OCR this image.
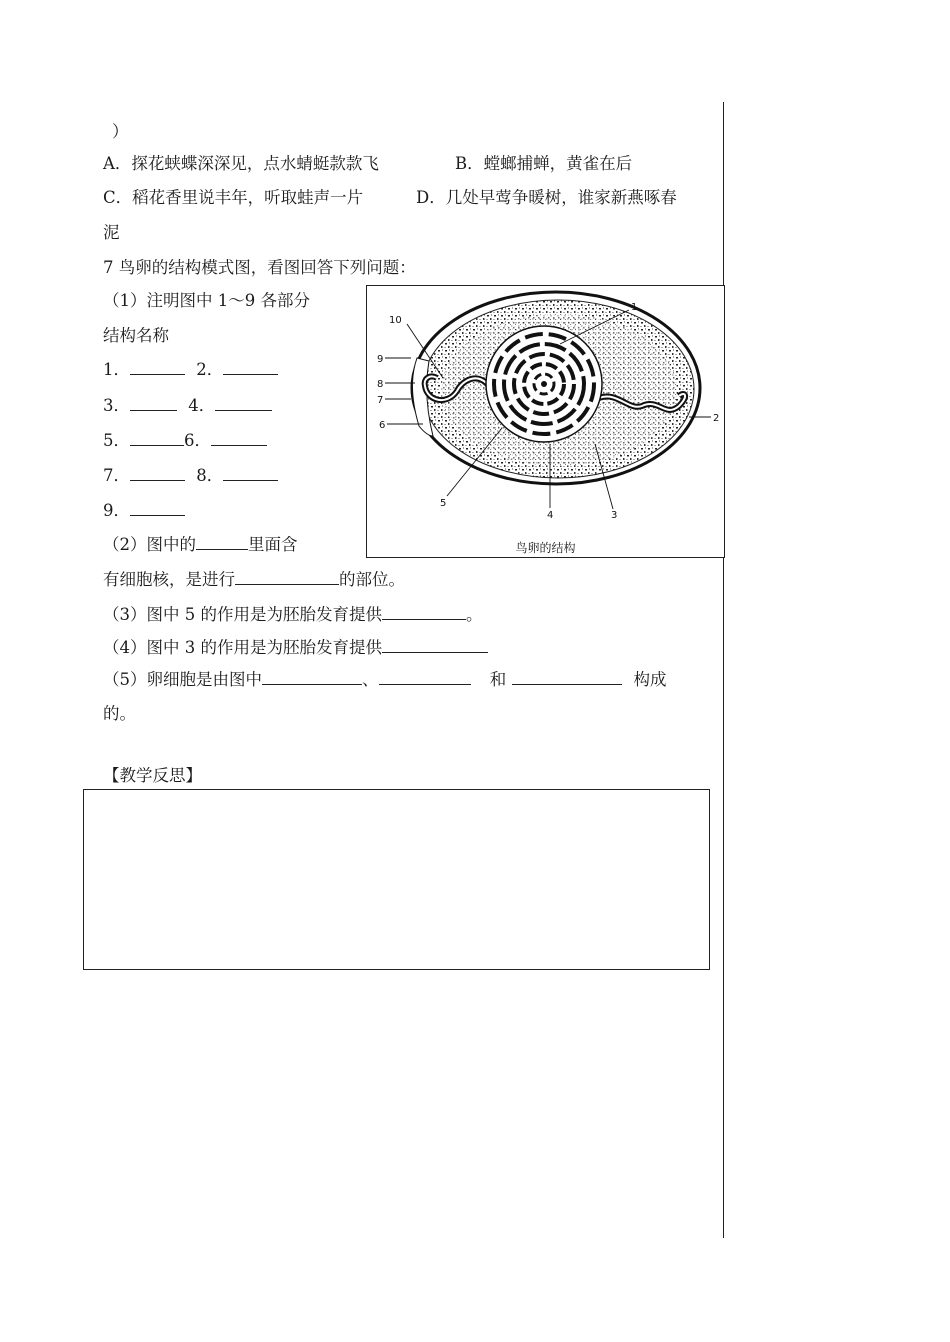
）
A．探花蛱蝶深深见，点水蜻蜓款款飞	B．螳螂捕蝉，黄雀在后
C．稻花香里说丰年，听取蛙声一片	D．几处早莺争暖树，谁家新燕啄春
泥
7 鸟卵的结构模式图，看图回答下列问题：
（1）注明图中 1～9 各部分
结构名称
1．	2．
3．	4．
5．	6．
7．	8．
9．
（2）图中的	里面含
有细胞核，是进行	的部位。
（3）图中 5 的作用是为胚胎发育提供	。
（4）图中 3 的作用是为胚胎发育提供
（5）卵细胞是由图中	、	和	构成
的。
1
2
3
4
5
6
7
8
9
10
鸟卵的结构
【教学反思】
